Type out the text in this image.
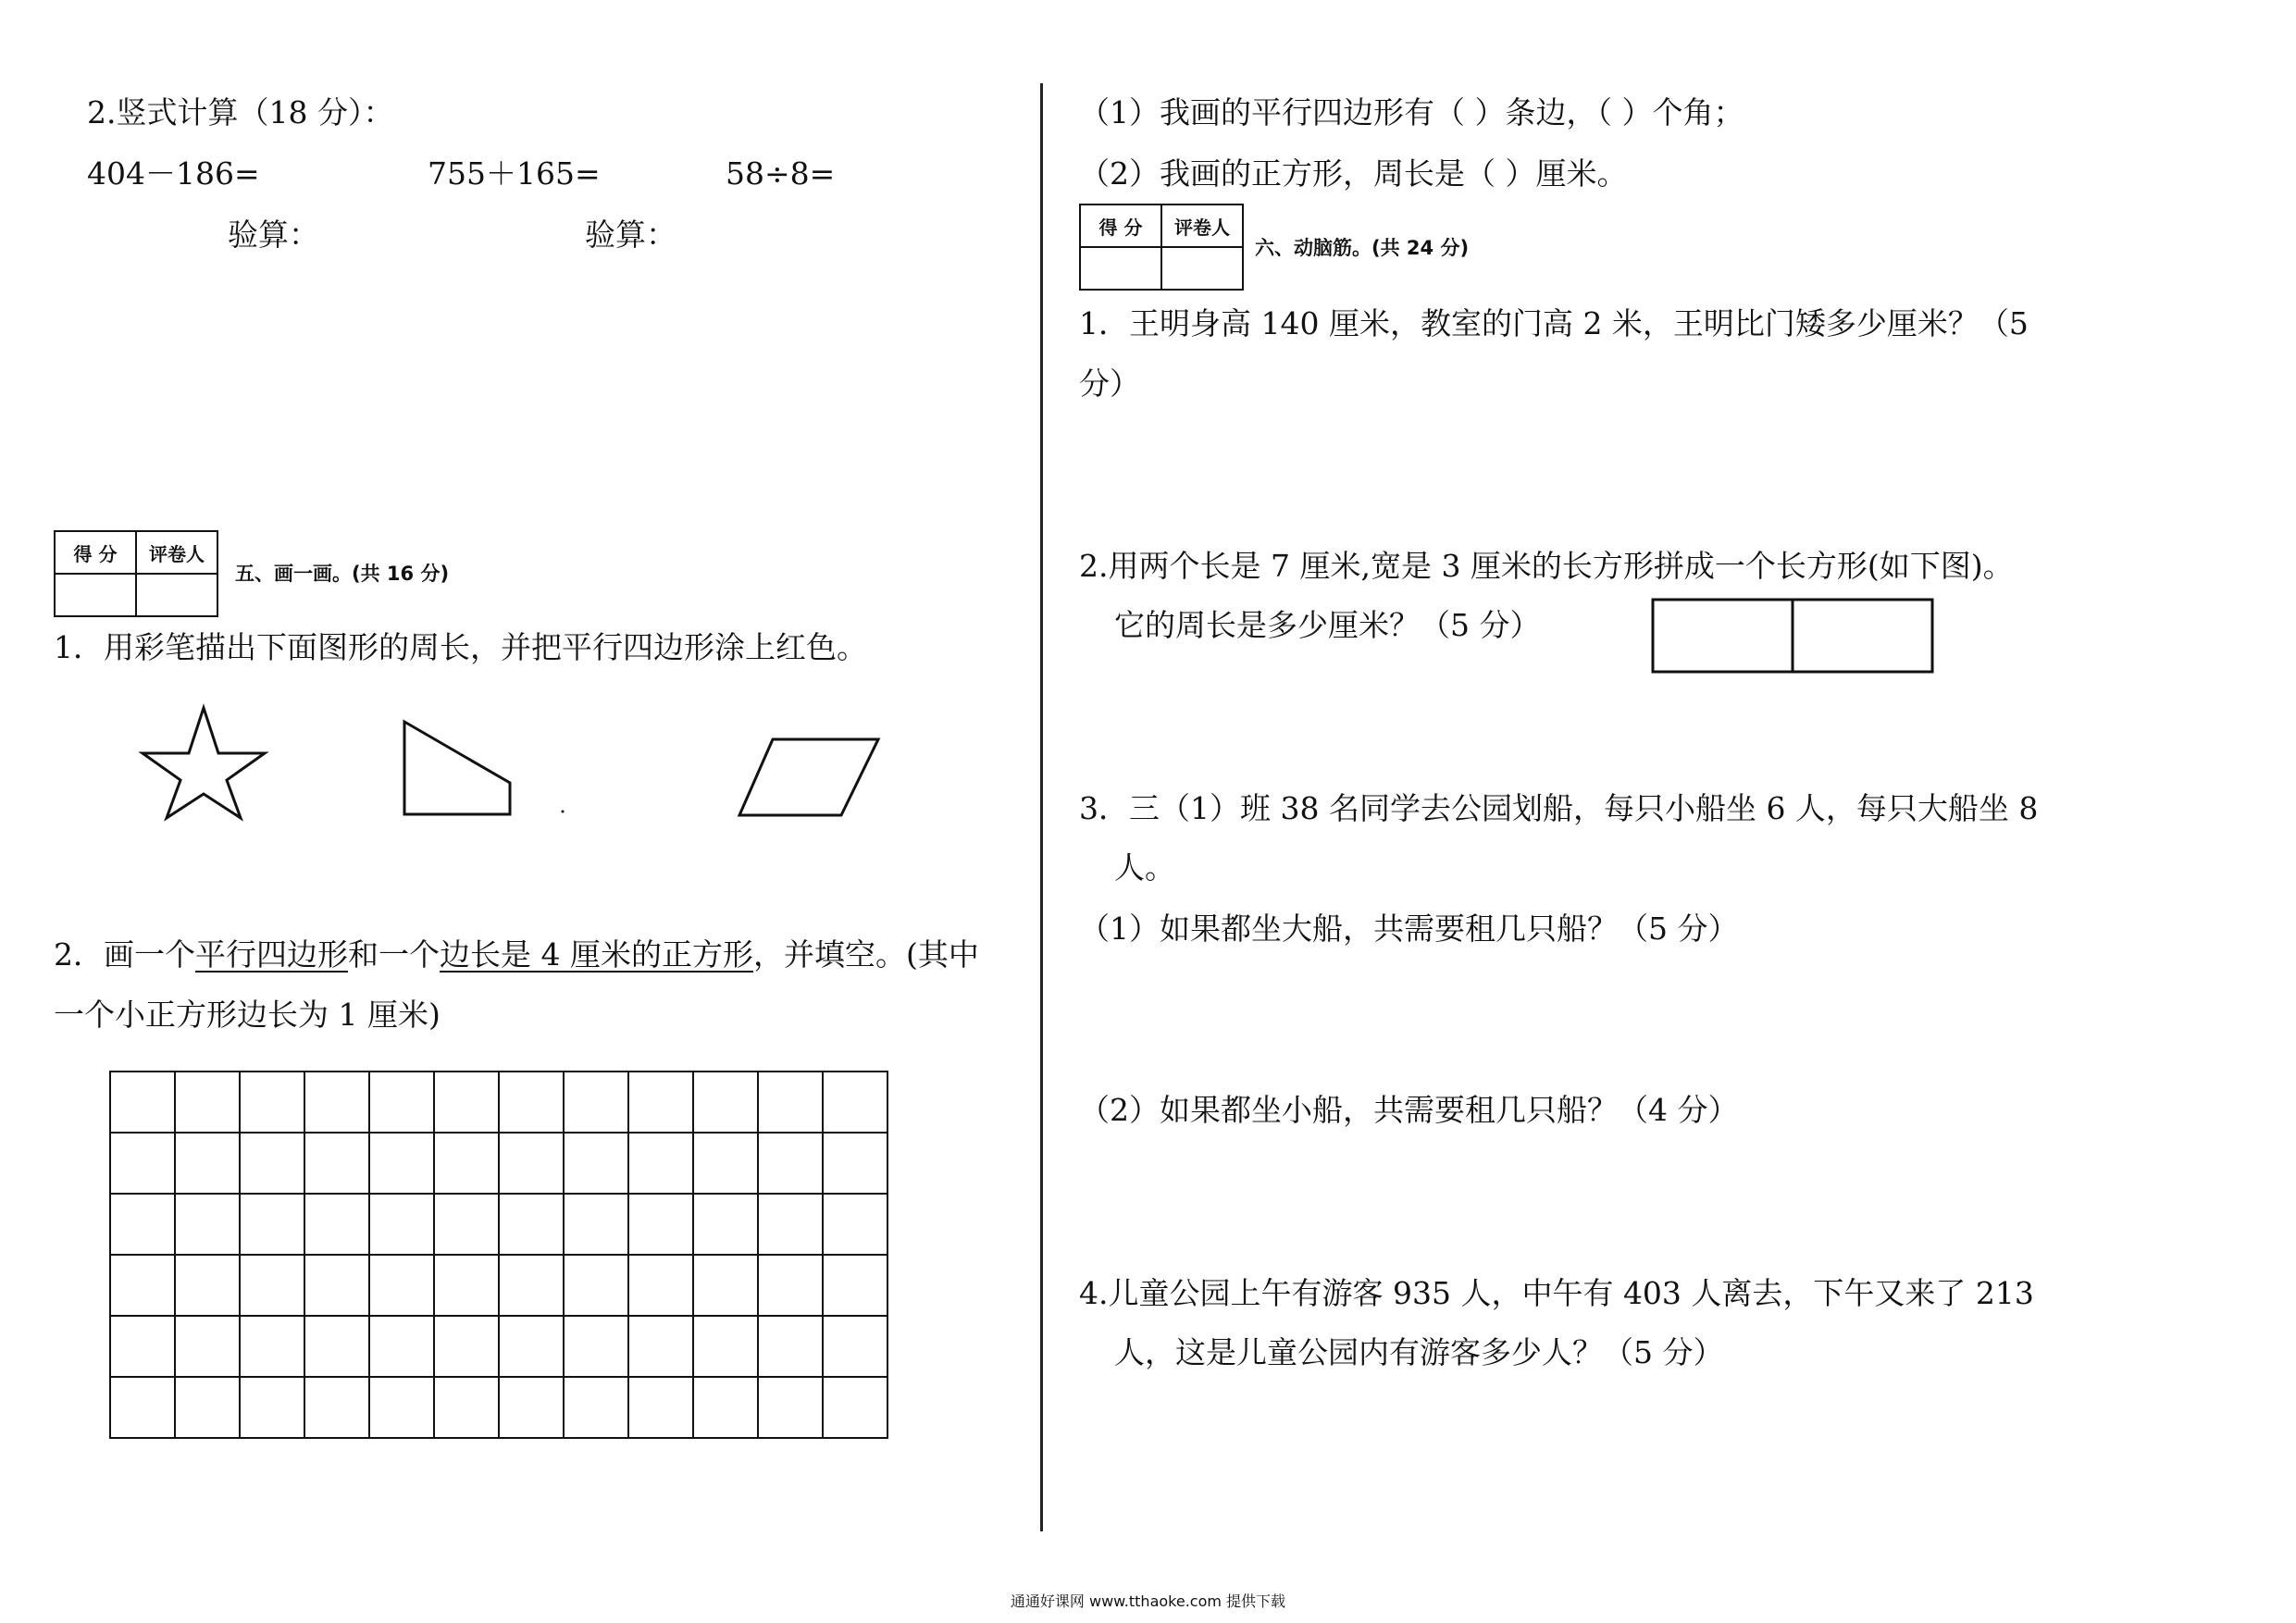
2.竖式计算（18 分）：
404－186=	755＋165=	58÷8=
验算：	验算：
得 分	评卷人

五、画一画。(共 16 分)
1．用彩笔描出下面图形的周长，并把平行四边形涂上红色。
2．画一个平行四边形和一个边长是 4 厘米的正方形，并填空。(其中
一个小正方形边长为 1 厘米)

（1）我画的平行四边形有（ ）条边，（ ）个角；
（2）我画的正方形，周长是（ ）厘米。
得 分	评卷人

六、动脑筋。(共 24 分)
1．王明身高 140 厘米，教室的门高 2 米，王明比门矮多少厘米？（5
分）
2.用两个长是 7 厘米,宽是 3 厘米的长方形拼成一个长方形(如下图)。
它的周长是多少厘米？（5 分）
3．三（1）班 38 名同学去公园划船，每只小船坐 6 人，每只大船坐 8
人。
（1）如果都坐大船，共需要租几只船？（5 分）
（2）如果都坐小船，共需要租几只船？（4 分）
4.儿童公园上午有游客 935 人，中午有 403 人离去，下午又来了 213
人，这是儿童公园内有游客多少人？（5 分）
通通好课网 www.tthaoke.com 提供下载
